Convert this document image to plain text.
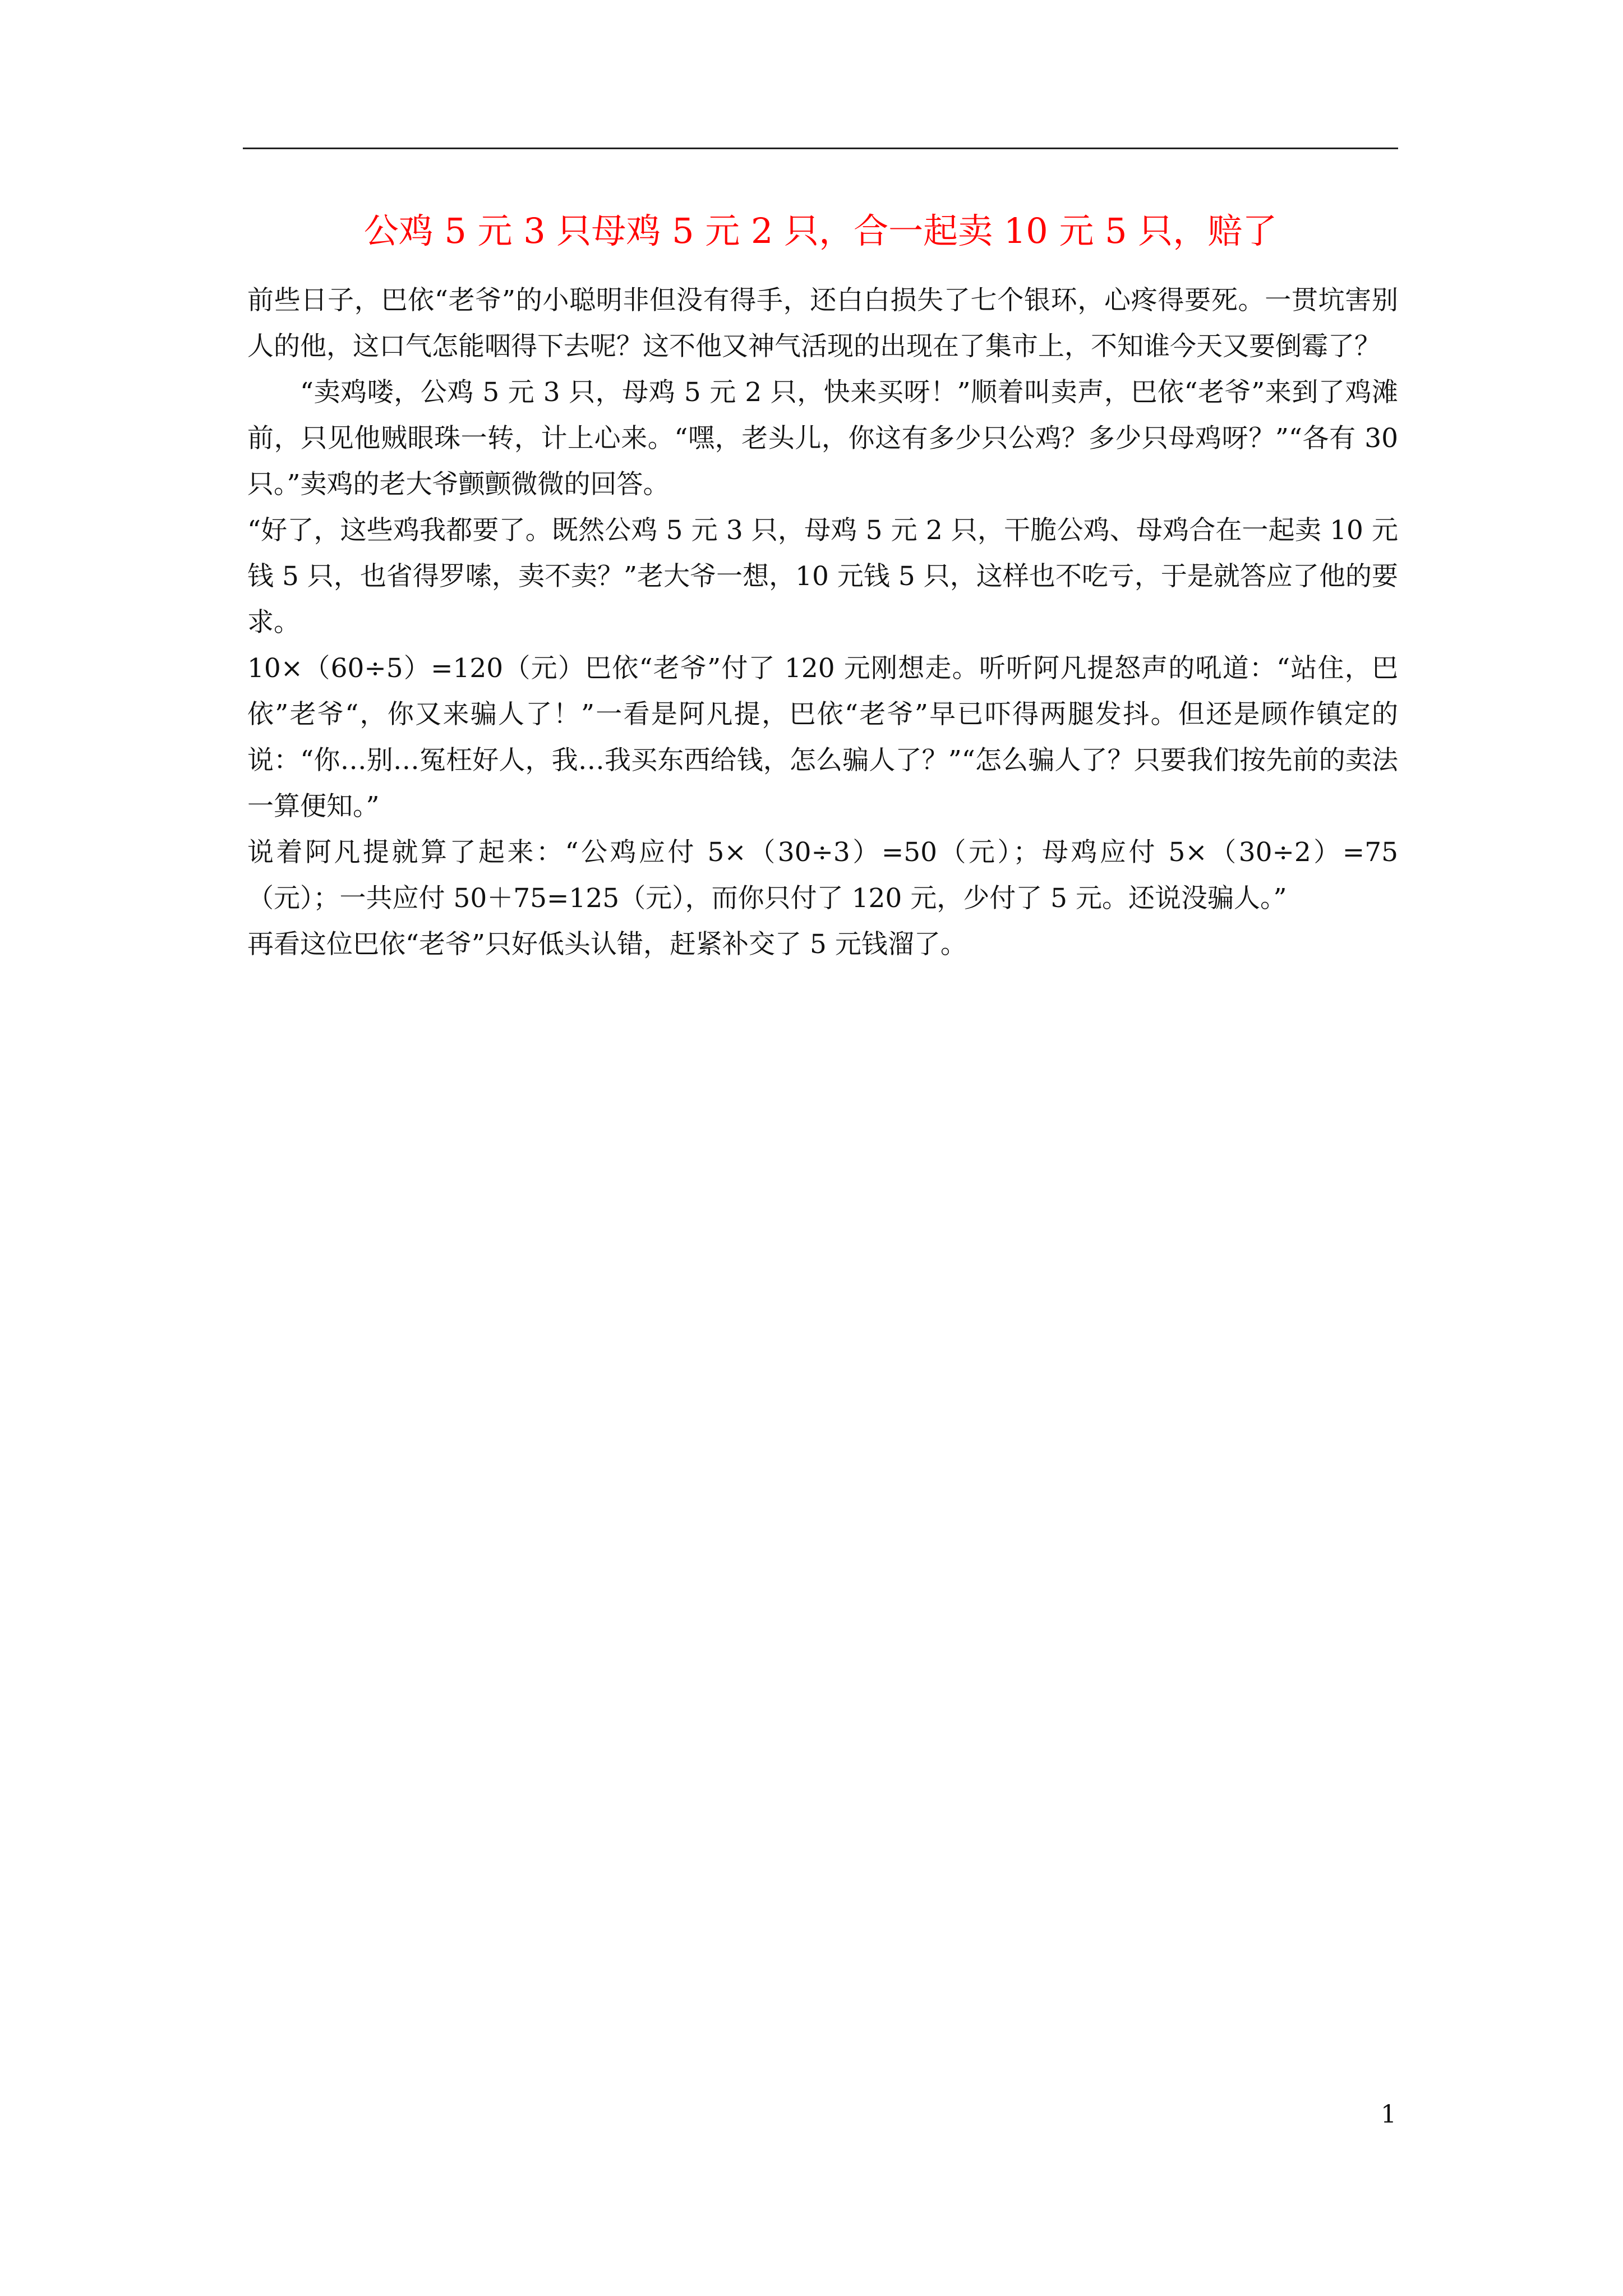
公鸡 5 元 3 只母鸡 5 元 2 只，合一起卖 10 元 5 只，赔了

前些日子，巴依“老爷”的小聪明非但没有得手，还白白损失了七个银环，心疼得要死。一贯坑害别人的他，这口气怎能咽得下去呢？这不他又神气活现的出现在了集市上，不知谁今天又要倒霉了？

“卖鸡喽，公鸡 5 元 3 只，母鸡 5 元 2 只，快来买呀！”顺着叫卖声，巴依“老爷”来到了鸡滩前，只见他贼眼珠一转，计上心来。“嘿，老头儿，你这有多少只公鸡？多少只母鸡呀？”“各有 30 只。”卖鸡的老大爷颤颤微微的回答。

“好了，这些鸡我都要了。既然公鸡 5 元 3 只，母鸡 5 元 2 只，干脆公鸡、母鸡合在一起卖 10 元钱 5 只，也省得罗嗦，卖不卖？”老大爷一想，10 元钱 5 只，这样也不吃亏，于是就答应了他的要求。

10×（60÷5）=120（元）巴依“老爷”付了 120 元刚想走。听听阿凡提怒声的吼道：“站住，巴依”老爷“，你又来骗人了！”一看是阿凡提，巴依“老爷”早已吓得两腿发抖。但还是顾作镇定的说：“你…别…冤枉好人，我…我买东西给钱，怎么骗人了？”“怎么骗人了？只要我们按先前的卖法一算便知。”

说着阿凡提就算了起来：“公鸡应付 5×（30÷3）=50（元）；母鸡应付 5×（30÷2）=75（元）；一共应付 50＋75=125（元），而你只付了 120 元，少付了 5 元。还说没骗人。”

再看这位巴依“老爷”只好低头认错，赶紧补交了 5 元钱溜了。

1
